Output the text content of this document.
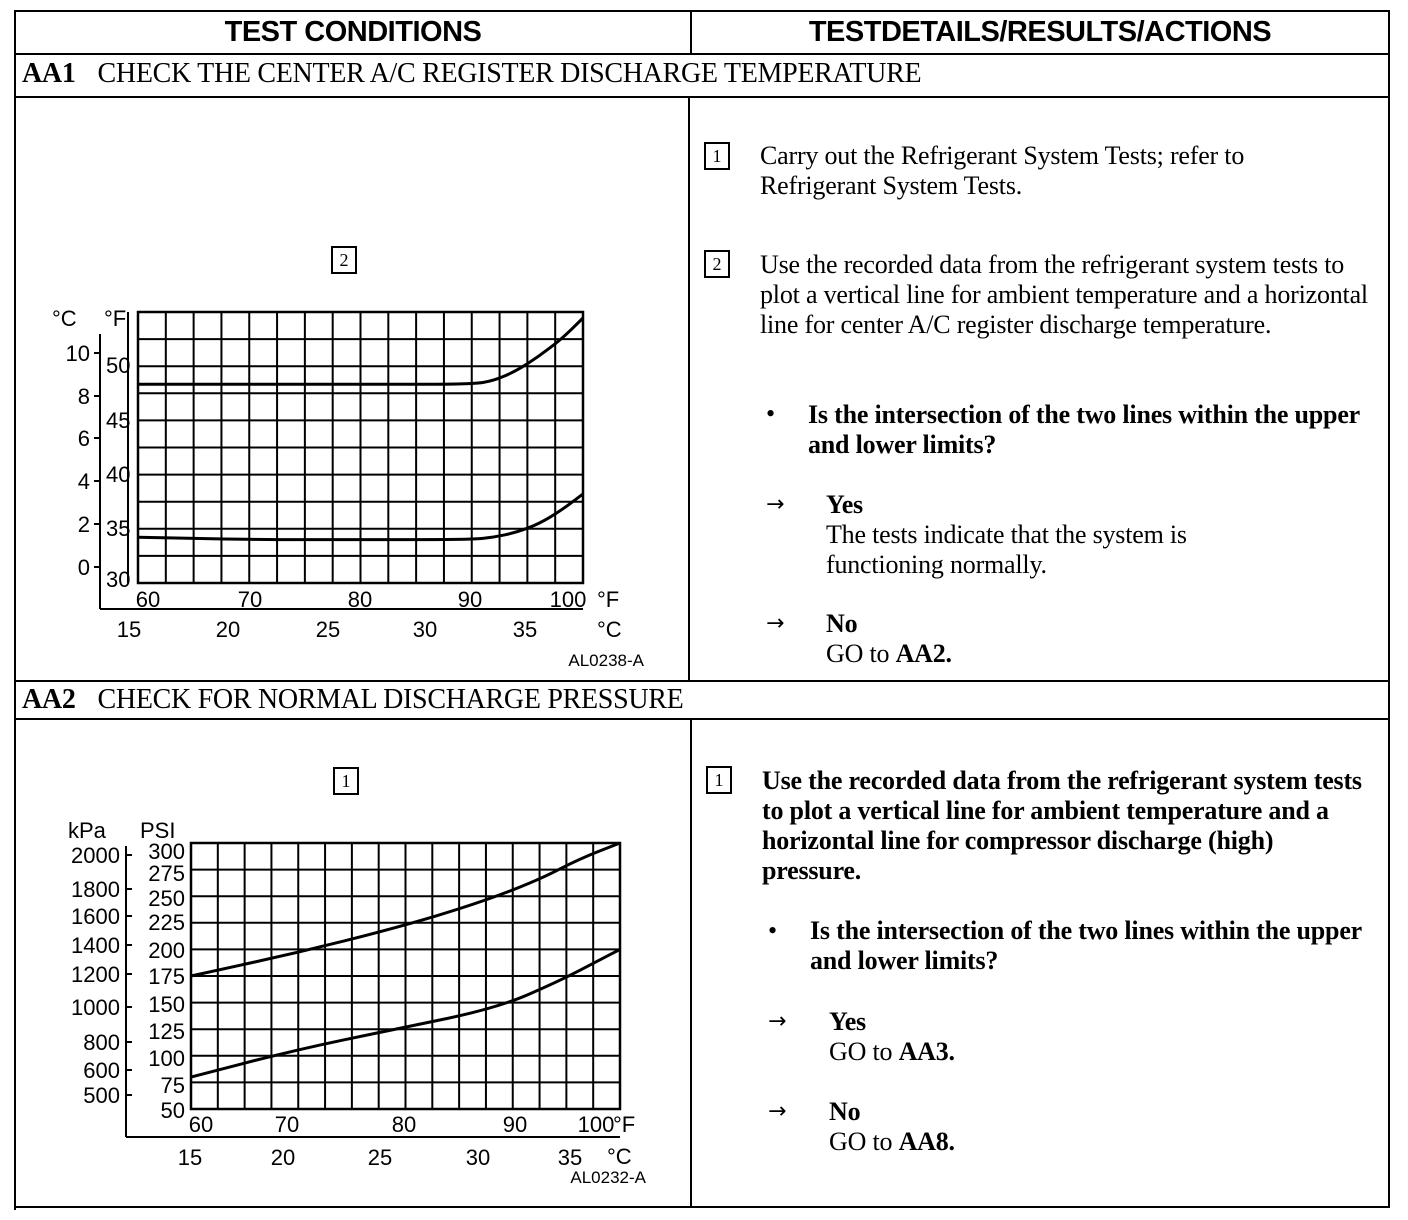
TEST CONDITIONS	TESTDETAILS/RESULTS/ACTIONS
AA1 CHECK THE CENTER A/C REGISTER DISCHARGE TEMPERATURE
2
°C °F
10
8
6
4
2
0
50
45
40
35
30
60	70	80	90	100 °F
15	20	25	30	35	°C
AL0238-A
1	Carry out the Refrigerant System Tests; refer to Refrigerant System Tests.
2	Use the recorded data from the refrigerant system tests to plot a vertical line for ambient temperature and a horizontal line for center A/C register discharge temperature.
• Is the intersection of the two lines within the upper and lower limits?
→ Yes
The tests indicate that the system is functioning normally.
→ No
GO to AA2.
AA2 CHECK FOR NORMAL DISCHARGE PRESSURE
1
kPa PSI
2000
1800
1600
1400
1200
1000
800
600
500
300
275
250
225
200
175
150
125
100
75
50
60	70	80	90 100
°F
15	20	25	30	35 °C
AL0232-A
1	Use the recorded data from the refrigerant system tests to plot a vertical line for ambient temperature and a horizontal line for compressor discharge (high) pressure.
• Is the intersection of the two lines within the upper and lower limits?
→ Yes
GO to AA3.
→ No
GO to AA8.
